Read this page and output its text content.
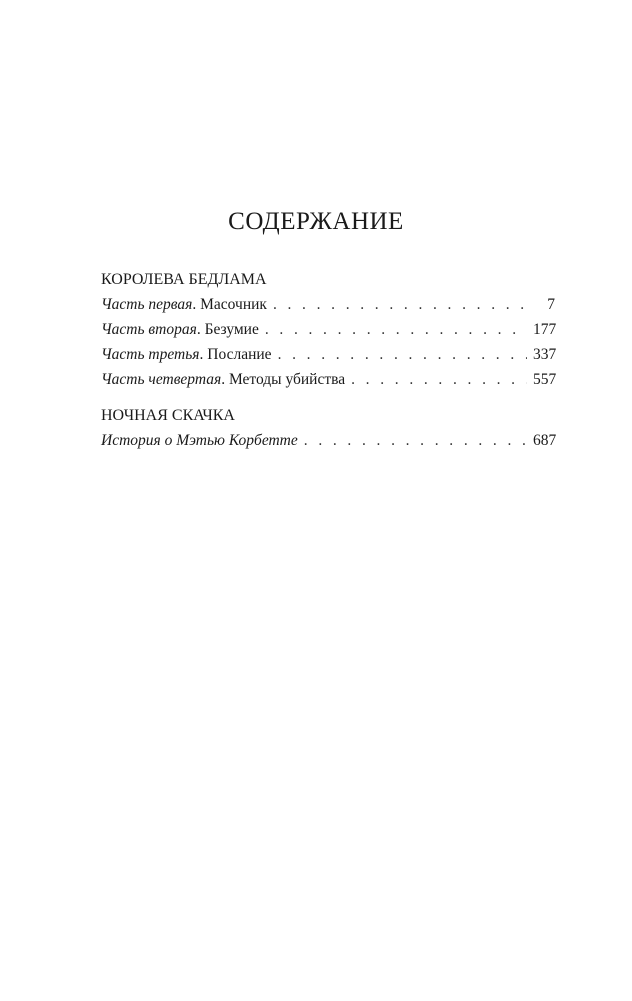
СОДЕРЖАНИЕ
КОРОЛЕВА БЕДЛАМА
Часть первая. Масочник . . .	7
Часть вторая. Безумие . . .	177
Часть третья. Послание . . .	337
Часть четвертая. Методы убийства . . .	557
НОЧНАЯ СКАЧКА
История о Мэтью Корбетте . . .	687
